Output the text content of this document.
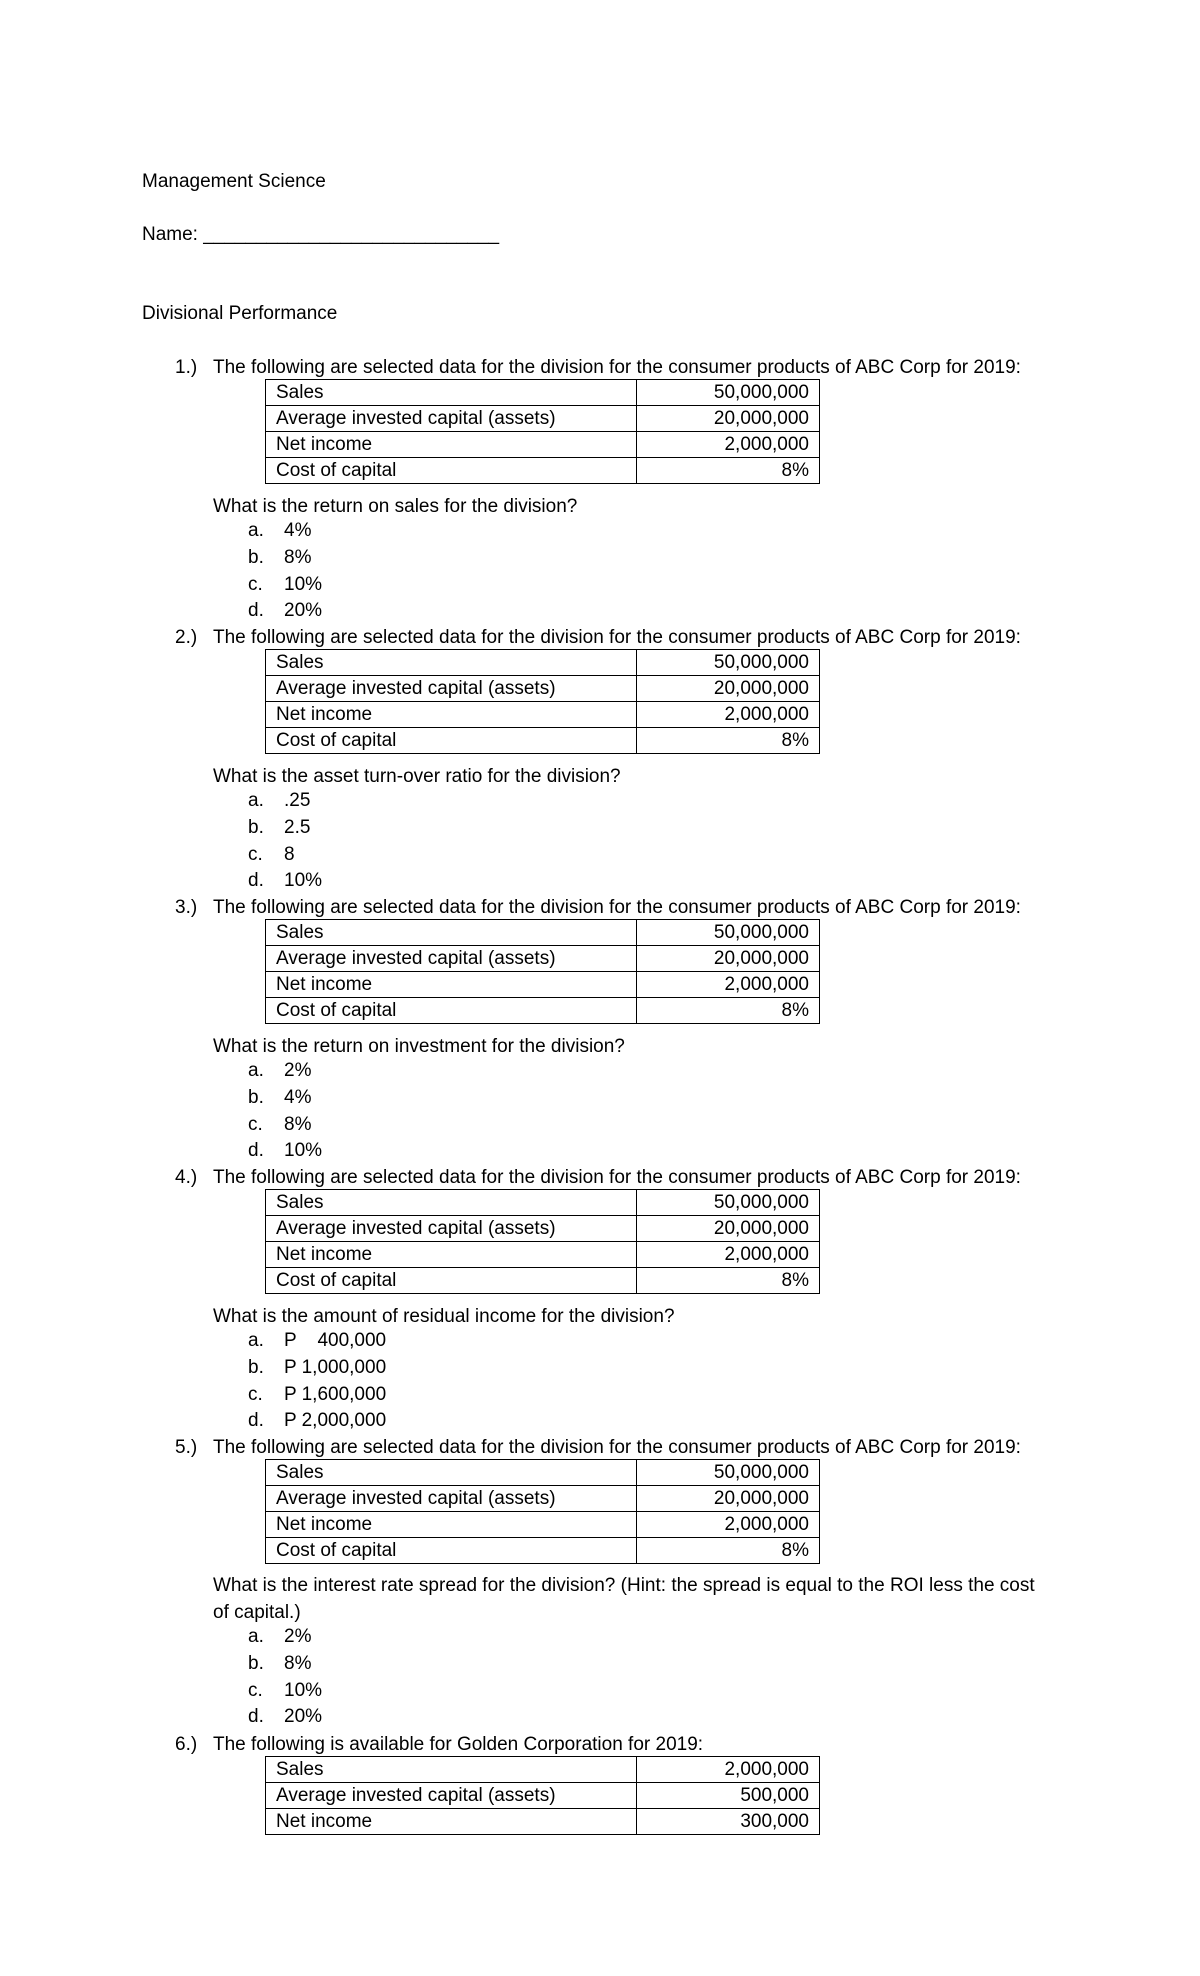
Management Science
Name: ____________________________
Divisional Performance
1.) The following are selected data for the division for the consumer products of ABC Corp for 2019:
Sales	50,000,000
Average invested capital (assets)	20,000,000
Net income	2,000,000
Cost of capital	8%
What is the return on sales for the division?
a. 4%
b. 8%
c. 10%
d. 20%
2.) The following are selected data for the division for the consumer products of ABC Corp for 2019:
Sales	50,000,000
Average invested capital (assets)	20,000,000
Net income	2,000,000
Cost of capital	8%
What is the asset turn-over ratio for the division?
a. .25
b. 2.5
c. 8
d. 10%
3.) The following are selected data for the division for the consumer products of ABC Corp for 2019:
Sales	50,000,000
Average invested capital (assets)	20,000,000
Net income	2,000,000
Cost of capital	8%
What is the return on investment for the division?
a. 2%
b. 4%
c. 8%
d. 10%
4.) The following are selected data for the division for the consumer products of ABC Corp for 2019:
Sales	50,000,000
Average invested capital (assets)	20,000,000
Net income	2,000,000
Cost of capital	8%
What is the amount of residual income for the division?
a. P    400,000
b. P 1,000,000
c. P 1,600,000
d. P 2,000,000
5.) The following are selected data for the division for the consumer products of ABC Corp for 2019:
Sales	50,000,000
Average invested capital (assets)	20,000,000
Net income	2,000,000
Cost of capital	8%
What is the interest rate spread for the division? (Hint: the spread is equal to the ROI less the cost of capital.)
a. 2%
b. 8%
c. 10%
d. 20%
6.) The following is available for Golden Corporation for 2019:
Sales	2,000,000
Average invested capital (assets)	500,000
Net income	300,000
